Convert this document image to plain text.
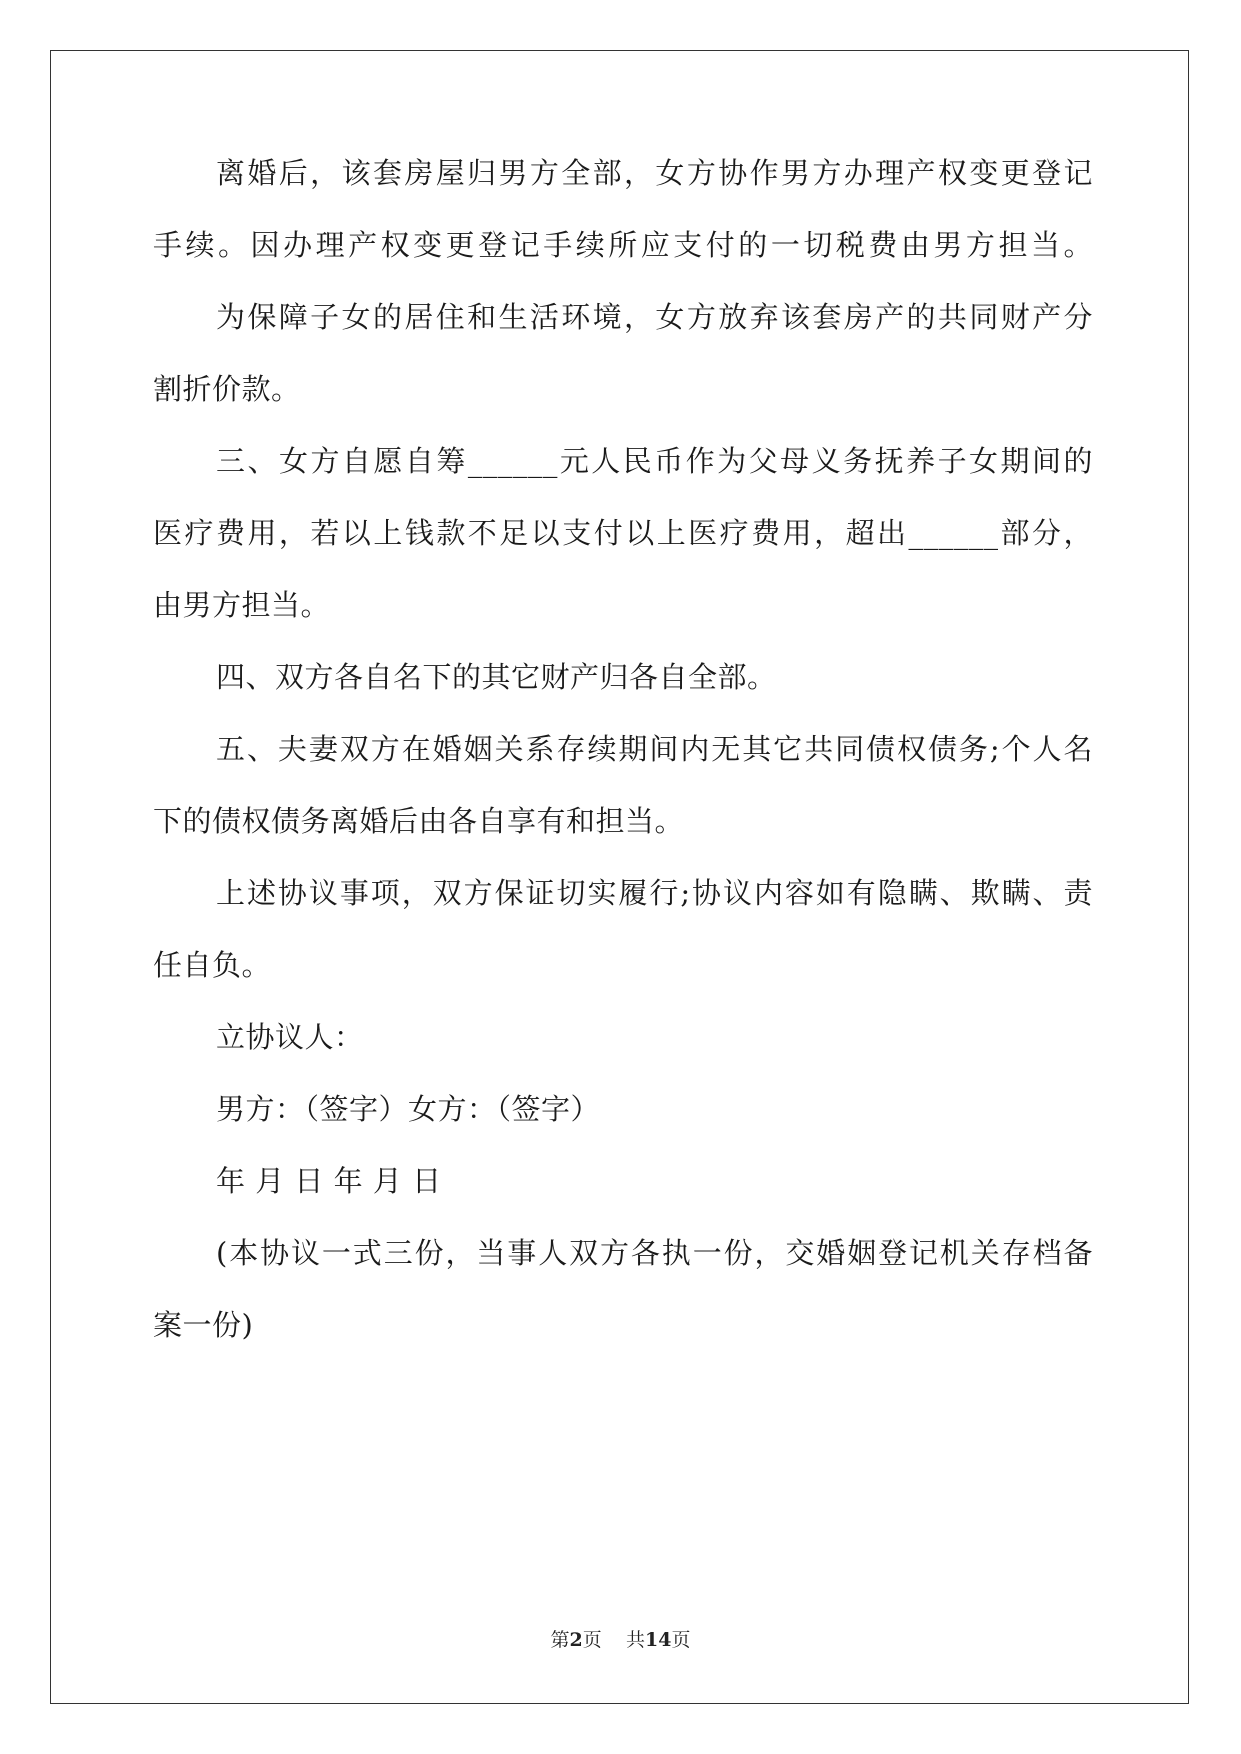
离婚后，该套房屋归男方全部，女方协作男方办理产权变更登记
手续。因办理产权变更登记手续所应支付的一切税费由男方担当。
为保障子女的居住和生活环境，女方放弃该套房产的共同财产分
割折价款。
三、女方自愿自筹______元人民币作为父母义务抚养子女期间的
医疗费用，若以上钱款不足以支付以上医疗费用，超出______部分，
由男方担当。
四、双方各自名下的其它财产归各自全部。
五、夫妻双方在婚姻关系存续期间内无其它共同债权债务;个人名
下的债权债务离婚后由各自享有和担当。
上述协议事项，双方保证切实履行;协议内容如有隐瞒、欺瞒、责
任自负。
立协议人：
男方：（签字）女方：（签字）
年 月 日 年 月 日
(本协议一式三份，当事人双方各执一份，交婚姻登记机关存档备
案一份)
第2页 共14页
